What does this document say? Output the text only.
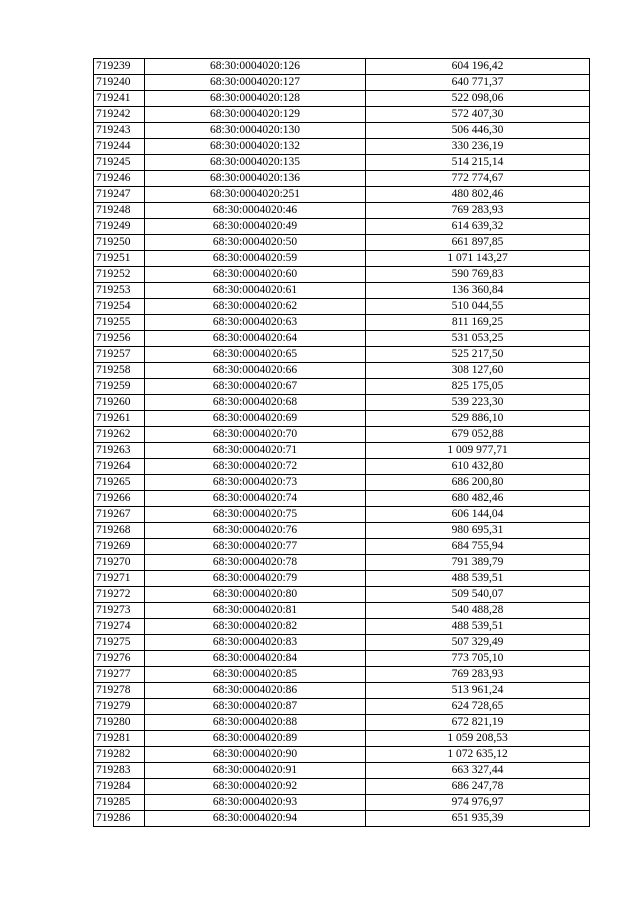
719239	68:30:0004020:126	604 196,42
719240	68:30:0004020:127	640 771,37
719241	68:30:0004020:128	522 098,06
719242	68:30:0004020:129	572 407,30
719243	68:30:0004020:130	506 446,30
719244	68:30:0004020:132	330 236,19
719245	68:30:0004020:135	514 215,14
719246	68:30:0004020:136	772 774,67
719247	68:30:0004020:251	480 802,46
719248	68:30:0004020:46	769 283,93
719249	68:30:0004020:49	614 639,32
719250	68:30:0004020:50	661 897,85
719251	68:30:0004020:59	1 071 143,27
719252	68:30:0004020:60	590 769,83
719253	68:30:0004020:61	136 360,84
719254	68:30:0004020:62	510 044,55
719255	68:30:0004020:63	811 169,25
719256	68:30:0004020:64	531 053,25
719257	68:30:0004020:65	525 217,50
719258	68:30:0004020:66	308 127,60
719259	68:30:0004020:67	825 175,05
719260	68:30:0004020:68	539 223,30
719261	68:30:0004020:69	529 886,10
719262	68:30:0004020:70	679 052,88
719263	68:30:0004020:71	1 009 977,71
719264	68:30:0004020:72	610 432,80
719265	68:30:0004020:73	686 200,80
719266	68:30:0004020:74	680 482,46
719267	68:30:0004020:75	606 144,04
719268	68:30:0004020:76	980 695,31
719269	68:30:0004020:77	684 755,94
719270	68:30:0004020:78	791 389,79
719271	68:30:0004020:79	488 539,51
719272	68:30:0004020:80	509 540,07
719273	68:30:0004020:81	540 488,28
719274	68:30:0004020:82	488 539,51
719275	68:30:0004020:83	507 329,49
719276	68:30:0004020:84	773 705,10
719277	68:30:0004020:85	769 283,93
719278	68:30:0004020:86	513 961,24
719279	68:30:0004020:87	624 728,65
719280	68:30:0004020:88	672 821,19
719281	68:30:0004020:89	1 059 208,53
719282	68:30:0004020:90	1 072 635,12
719283	68:30:0004020:91	663 327,44
719284	68:30:0004020:92	686 247,78
719285	68:30:0004020:93	974 976,97
719286	68:30:0004020:94	651 935,39
